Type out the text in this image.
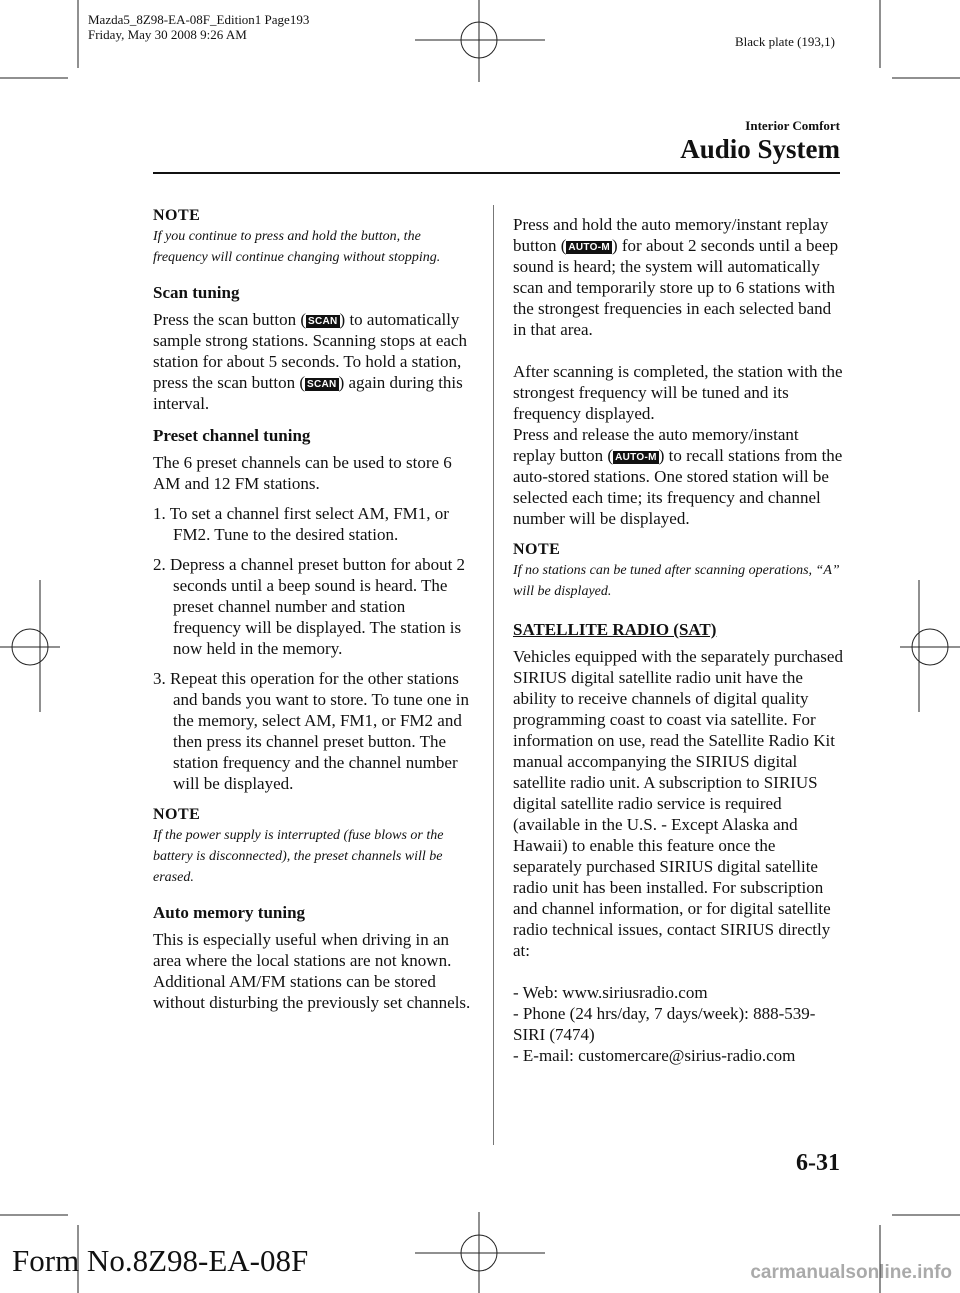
Mazda5_8Z98-EA-08F_Edition1 Page193
Friday, May 30 2008 9:26 AM	Black plate (193,1)
Interior Comfort
Audio System

NOTE

If you continue to press and hold the button, the frequency will continue changing without stopping.

Scan tuning

Press the scan button ( SCAN ) to automatically sample strong stations. Scanning stops at each station for about 5 seconds. To hold a station, press the scan button ( SCAN ) again during this interval.

Preset channel tuning

The 6 preset channels can be used to store 6 AM and 12 FM stations.

1. To set a channel first select AM, FM1, or FM2. Tune to the desired station.

2. Depress a channel preset button for about 2 seconds until a beep sound is heard. The preset channel number and station frequency will be displayed. The station is now held in the memory.

3. Repeat this operation for the other stations and bands you want to store. To tune one in the memory, select AM, FM1, or FM2 and then press its channel preset button. The station frequency and the channel number will be displayed.

NOTE

If the power supply is interrupted (fuse blows or the battery is disconnected), the preset channels will be erased.

Auto memory tuning

This is especially useful when driving in an area where the local stations are not known. Additional AM/FM stations can be stored without disturbing the previously set channels.

Press and hold the auto memory/instant replay button ( AUTO-M ) for about 2 seconds until a beep sound is heard; the system will automatically scan and temporarily store up to 6 stations with the strongest frequencies in each selected band in that area.

After scanning is completed, the station with the strongest frequency will be tuned and its frequency displayed.

Press and release the auto memory/instant replay button ( AUTO-M ) to recall stations from the auto-stored stations. One stored station will be selected each time; its frequency and channel number will be displayed.

NOTE

If no stations can be tuned after scanning operations, “A” will be displayed.

SATELLITE RADIO (SAT)

Vehicles equipped with the separately purchased SIRIUS digital satellite radio unit have the ability to receive channels of digital quality programming coast to coast via satellite. For information on use, read the Satellite Radio Kit manual accompanying the SIRIUS digital satellite radio unit. A subscription to SIRIUS digital satellite radio service is required (available in the U.S. - Except Alaska and Hawaii) to enable this feature once the separately purchased SIRIUS digital satellite radio unit has been installed. For subscription and channel information, or for digital satellite radio technical issues, contact SIRIUS directly at:

- Web: www.siriusradio.com

- Phone (24 hrs/day, 7 days/week): 888-539-SIRI (7474)

- E-mail: customercare@sirius-radio.com

6-31
Form No.8Z98-EA-08F	carmanualsonline.info
